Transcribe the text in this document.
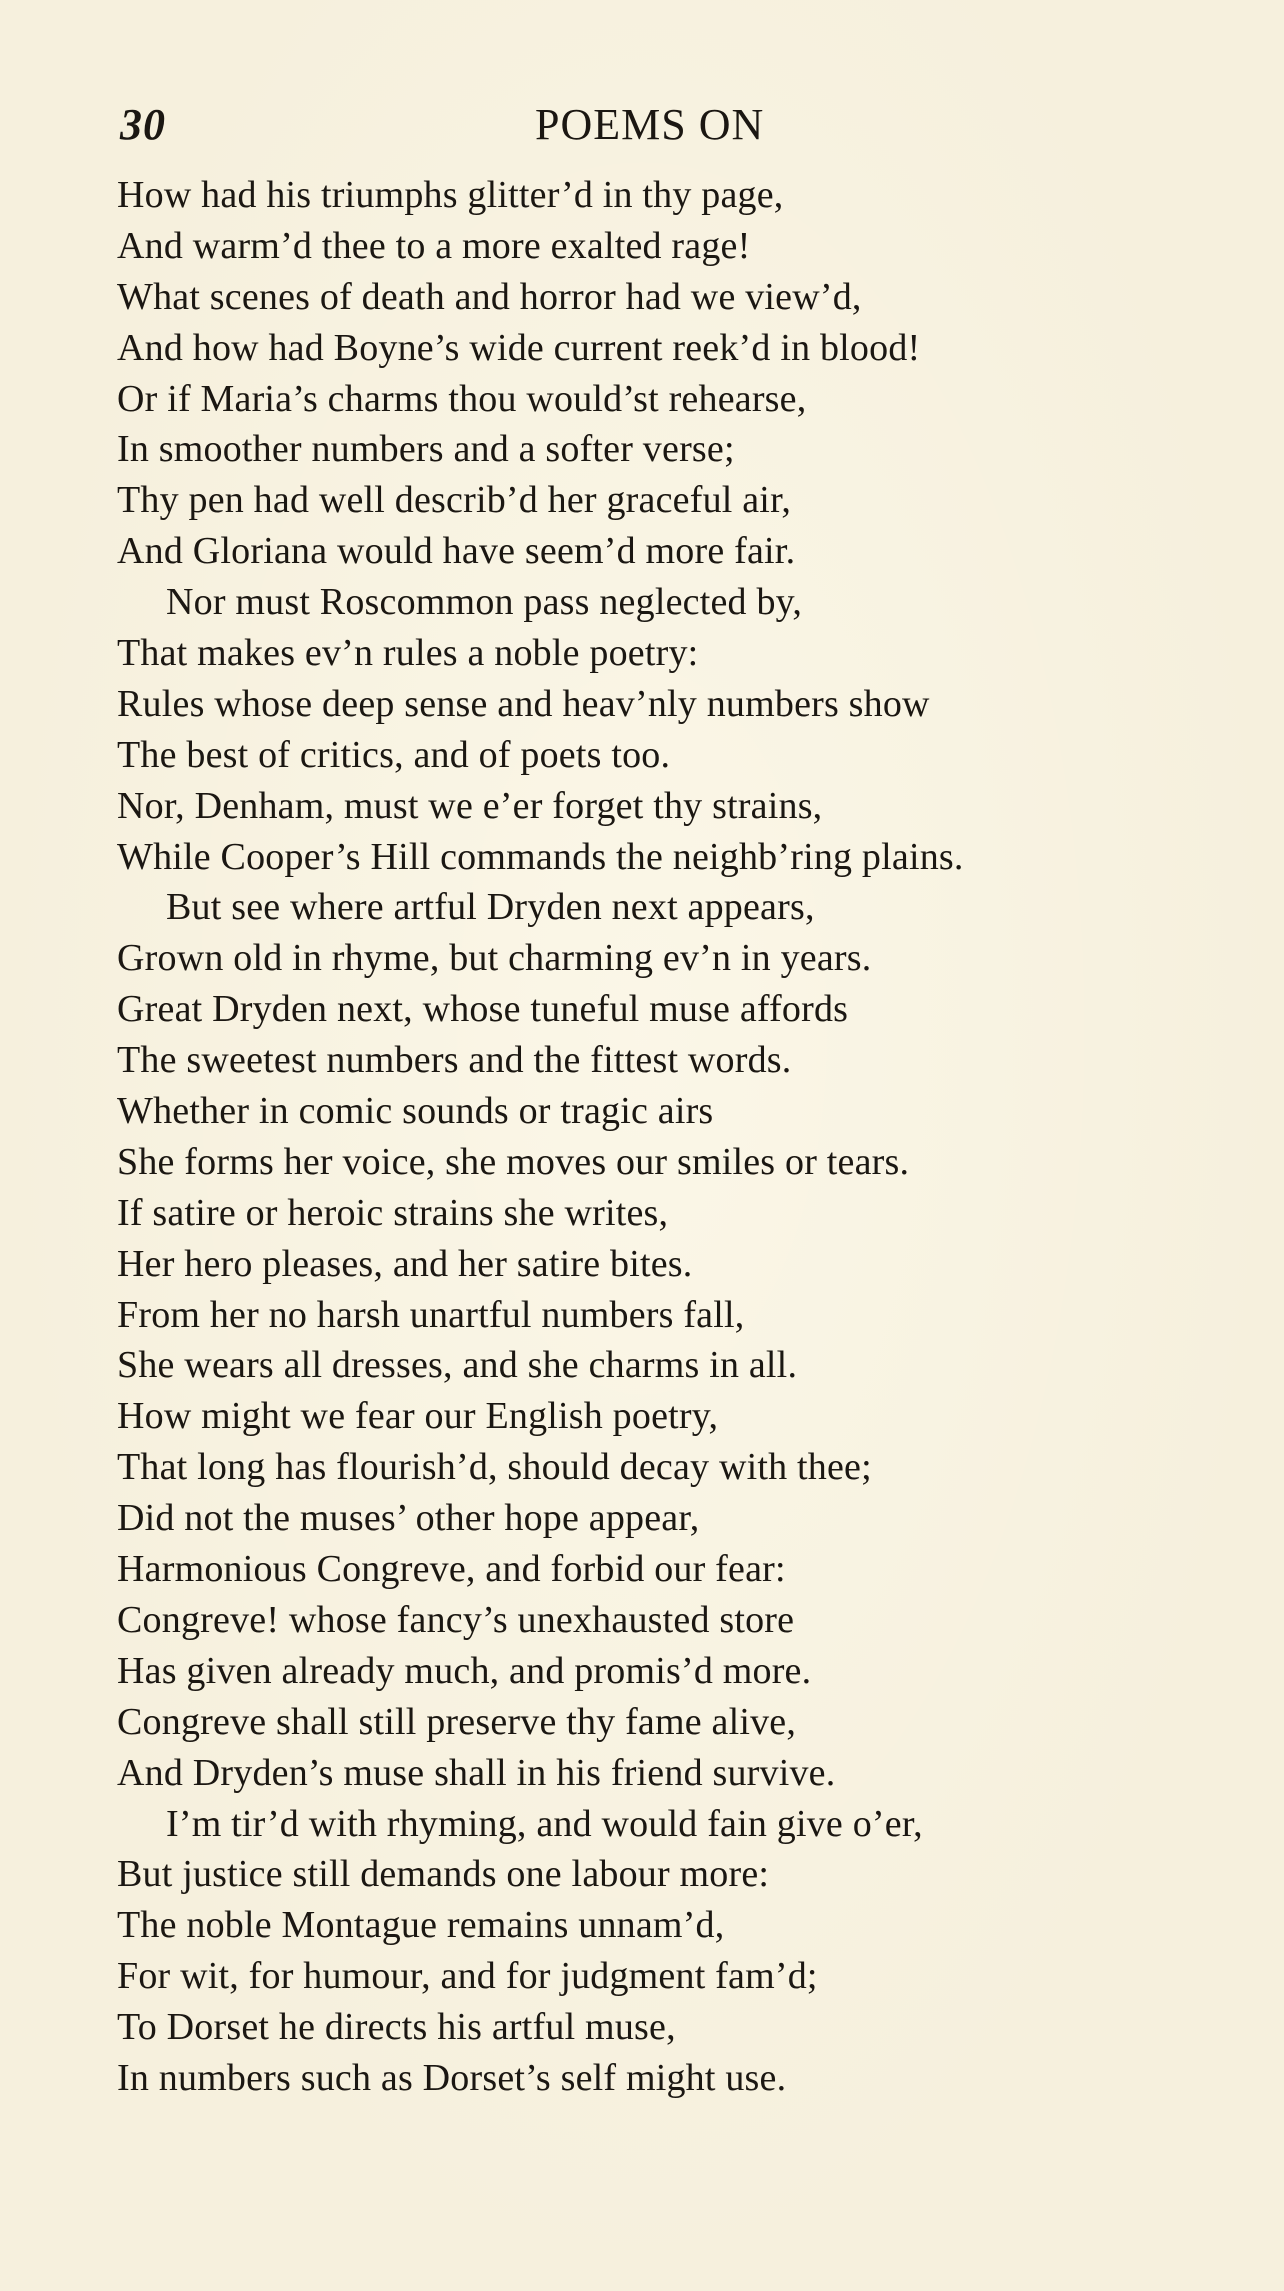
30	POEMS ON
How had his triumphs glitter’d in thy page,
And warm’d thee to a more exalted rage!
What scenes of death and horror had we view’d,
And how had Boyne’s wide current reek’d in blood!
Or if Maria’s charms thou would’st rehearse,
In smoother numbers and a softer verse;
Thy pen had well describ’d her graceful air,
And Gloriana would have seem’d more fair.
Nor must Roscommon pass neglected by,
That makes ev’n rules a noble poetry:
Rules whose deep sense and heav’nly numbers show
The best of critics, and of poets too.
Nor, Denham, must we e’er forget thy strains,
While Cooper’s Hill commands the neighb’ring plains.
But see where artful Dryden next appears,
Grown old in rhyme, but charming ev’n in years.
Great Dryden next, whose tuneful muse affords
The sweetest numbers and the fittest words.
Whether in comic sounds or tragic airs
She forms her voice, she moves our smiles or tears.
If satire or heroic strains she writes,
Her hero pleases, and her satire bites.
From her no harsh unartful numbers fall,
She wears all dresses, and she charms in all.
How might we fear our English poetry,
That long has flourish’d, should decay with thee;
Did not the muses’ other hope appear,
Harmonious Congreve, and forbid our fear:
Congreve! whose fancy’s unexhausted store
Has given already much, and promis’d more.
Congreve shall still preserve thy fame alive,
And Dryden’s muse shall in his friend survive.
I’m tir’d with rhyming, and would fain give o’er,
But justice still demands one labour more:
The noble Montague remains unnam’d,
For wit, for humour, and for judgment fam’d;
To Dorset he directs his artful muse,
In numbers such as Dorset’s self might use.
